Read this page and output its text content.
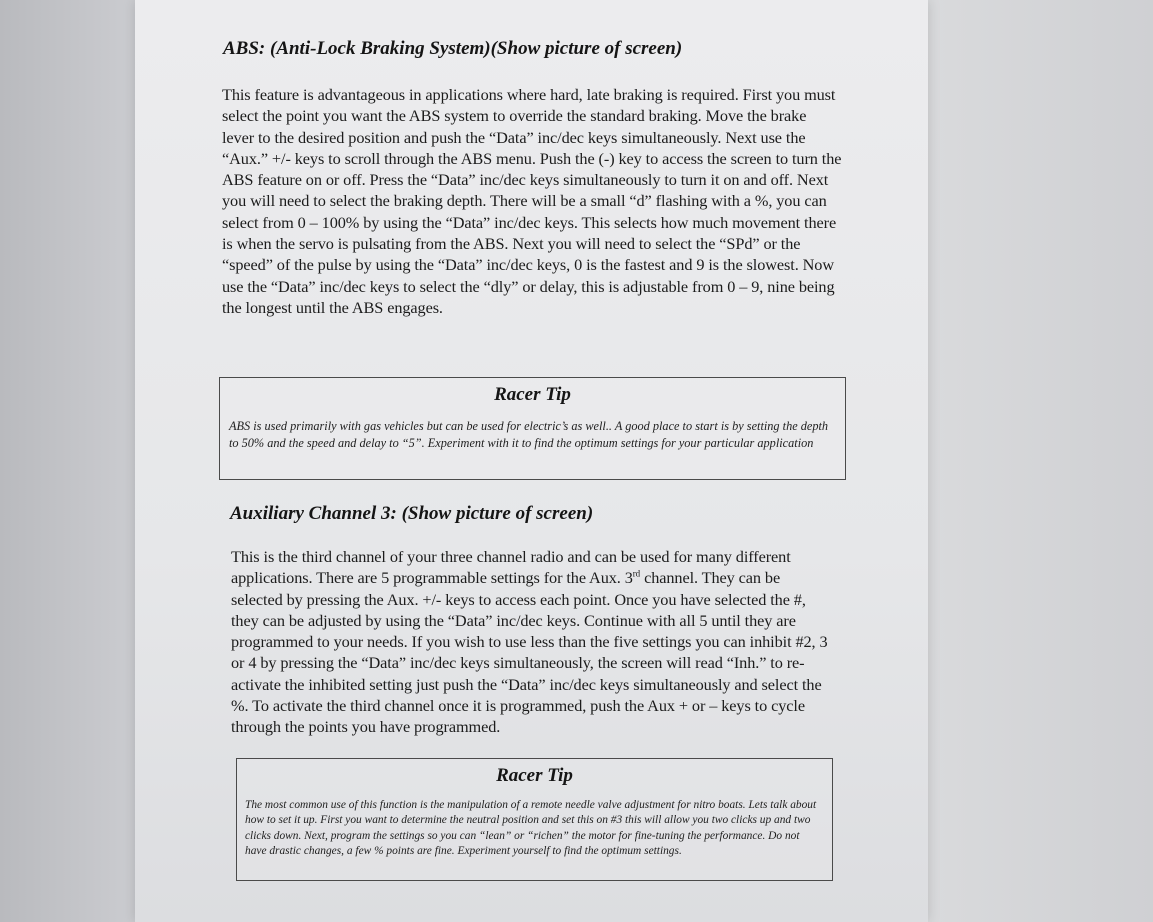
ABS: (Anti-Lock Braking System)(Show picture of screen)

This feature is advantageous in applications where hard, late braking is required. First you must select the point you want the ABS system to override the standard braking. Move the brake lever to the desired position and push the “Data” inc/dec keys simultaneously. Next use the “Aux.” +/- keys to scroll through the ABS menu. Push the (-) key to access the screen to turn the ABS feature on or off. Press the “Data” inc/dec keys simultaneously to turn it on and off. Next you will need to select the braking depth. There will be a small “d” flashing with a %, you can select from 0 – 100% by using the “Data” inc/dec keys. This selects how much movement there is when the servo is pulsating from the ABS. Next you will need to select the “SPd” or the “speed” of the pulse by using the “Data” inc/dec keys, 0 is the fastest and 9 is the slowest. Now use the “Data” inc/dec keys to select the “dly” or delay, this is adjustable from 0 – 9, nine being the longest until the ABS engages.

Racer Tip

ABS is used primarily with gas vehicles but can be used for electric’s as well.. A good place to start is by setting the depth to 50% and the speed and delay to “5”. Experiment with it to find the optimum settings for your particular application

Auxiliary Channel 3: (Show picture of screen)

This is the third channel of your three channel radio and can be used for many different applications. There are 5 programmable settings for the Aux. 3rd channel. They can be selected by pressing the Aux. +/- keys to access each point. Once you have selected the #, they can be adjusted by using the “Data” inc/dec keys. Continue with all 5 until they are programmed to your needs. If you wish to use less than the five settings you can inhibit #2, 3 or 4 by pressing the “Data” inc/dec keys simultaneously, the screen will read “Inh.” to re-activate the inhibited setting just push the “Data” inc/dec keys simultaneously and select the %. To activate the third channel once it is programmed, push the Aux + or – keys to cycle through the points you have programmed.

Racer Tip

The most common use of this function is the manipulation of a remote needle valve adjustment for nitro boats. Lets talk about how to set it up. First you want to determine the neutral position and set this on #3 this will allow you two clicks up and two clicks down. Next, program the settings so you can “lean” or “richen” the motor for fine-tuning the performance. Do not have drastic changes, a few % points are fine. Experiment yourself to find the optimum settings.
